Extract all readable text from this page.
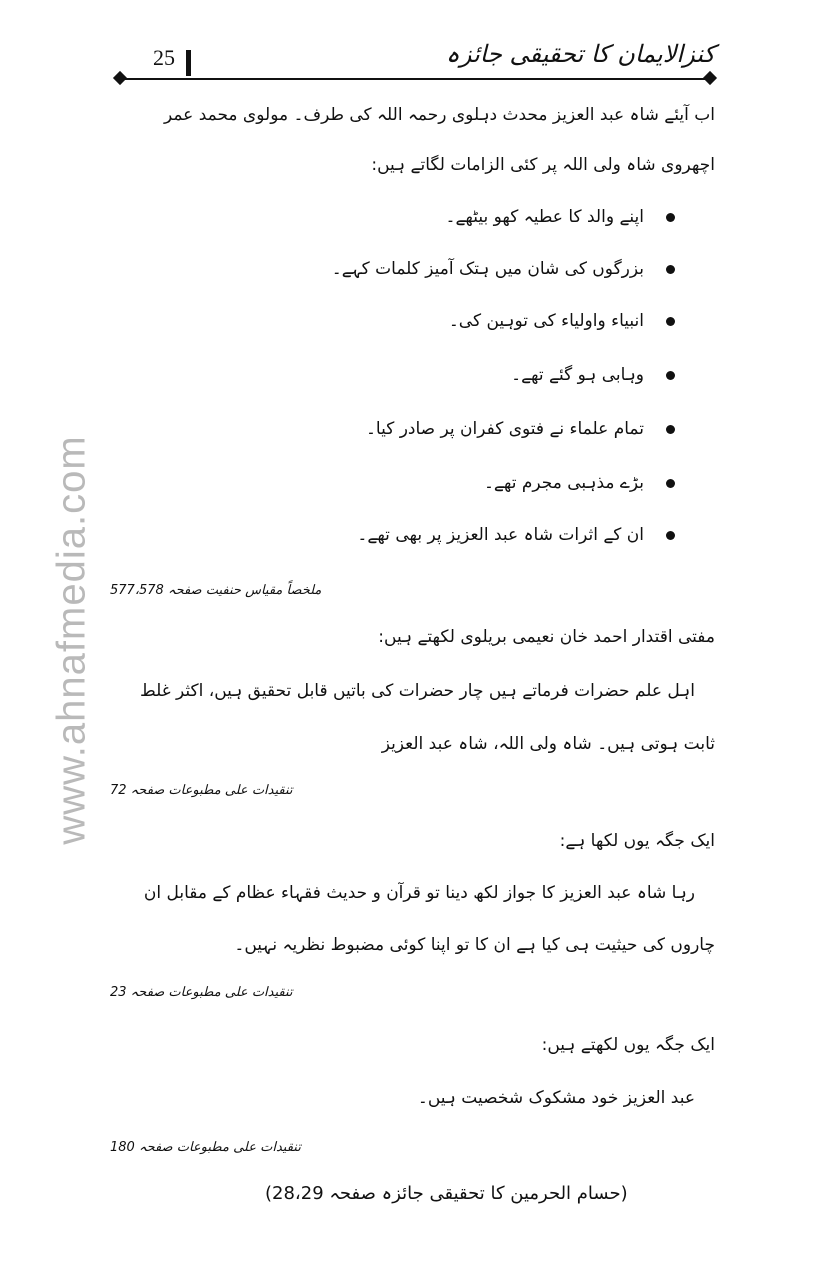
www.ahnafmedia.com
25	کنزالایمان کا تحقیقی جائزہ
اب آیئے شاہ عبد العزیز محدث دہلوی رحمہ اللہ کی طرف۔ مولوی محمد عمر
اچھروی شاہ ولی اللہ پر کئی الزامات لگاتے ہیں:
اپنے والد کا عطیہ کھو بیٹھے۔
بزرگوں کی شان میں ہتک آمیز کلمات کہے۔
انبیاء واولیاء کی توہین کی۔
وہابی ہو گئے تھے۔
تمام علماء نے فتوی کفران پر صادر کیا۔
بڑے مذہبی مجرم تھے۔
ان کے اثرات شاہ عبد العزیز پر بھی تھے۔
ملخصاً مقیاس حنفیت صفحہ 577،578
مفتی اقتدار احمد خان نعیمی بریلوی لکھتے ہیں:
اہل علم حضرات فرماتے ہیں چار حضرات کی باتیں قابل تحقیق ہیں، اکثر غلط
ثابت ہوتی ہیں۔ شاہ ولی اللہ، شاہ عبد العزیز
تنقیدات علی مطبوعات صفحہ 72
ایک جگہ یوں لکھا ہے:
رہا شاہ عبد العزیز کا جواز لکھ دینا تو قرآن و حدیث فقہاء عظام کے مقابل ان
چاروں کی حیثیت ہی کیا ہے ان کا تو اپنا کوئی مضبوط نظریہ نہیں۔
تنقیدات علی مطبوعات صفحہ 23
ایک جگہ یوں لکھتے ہیں:
عبد العزیز خود مشکوک شخصیت ہیں۔
تنقیدات علی مطبوعات صفحہ 180
(حسام الحرمین کا تحقیقی جائزہ صفحہ 28،29)
